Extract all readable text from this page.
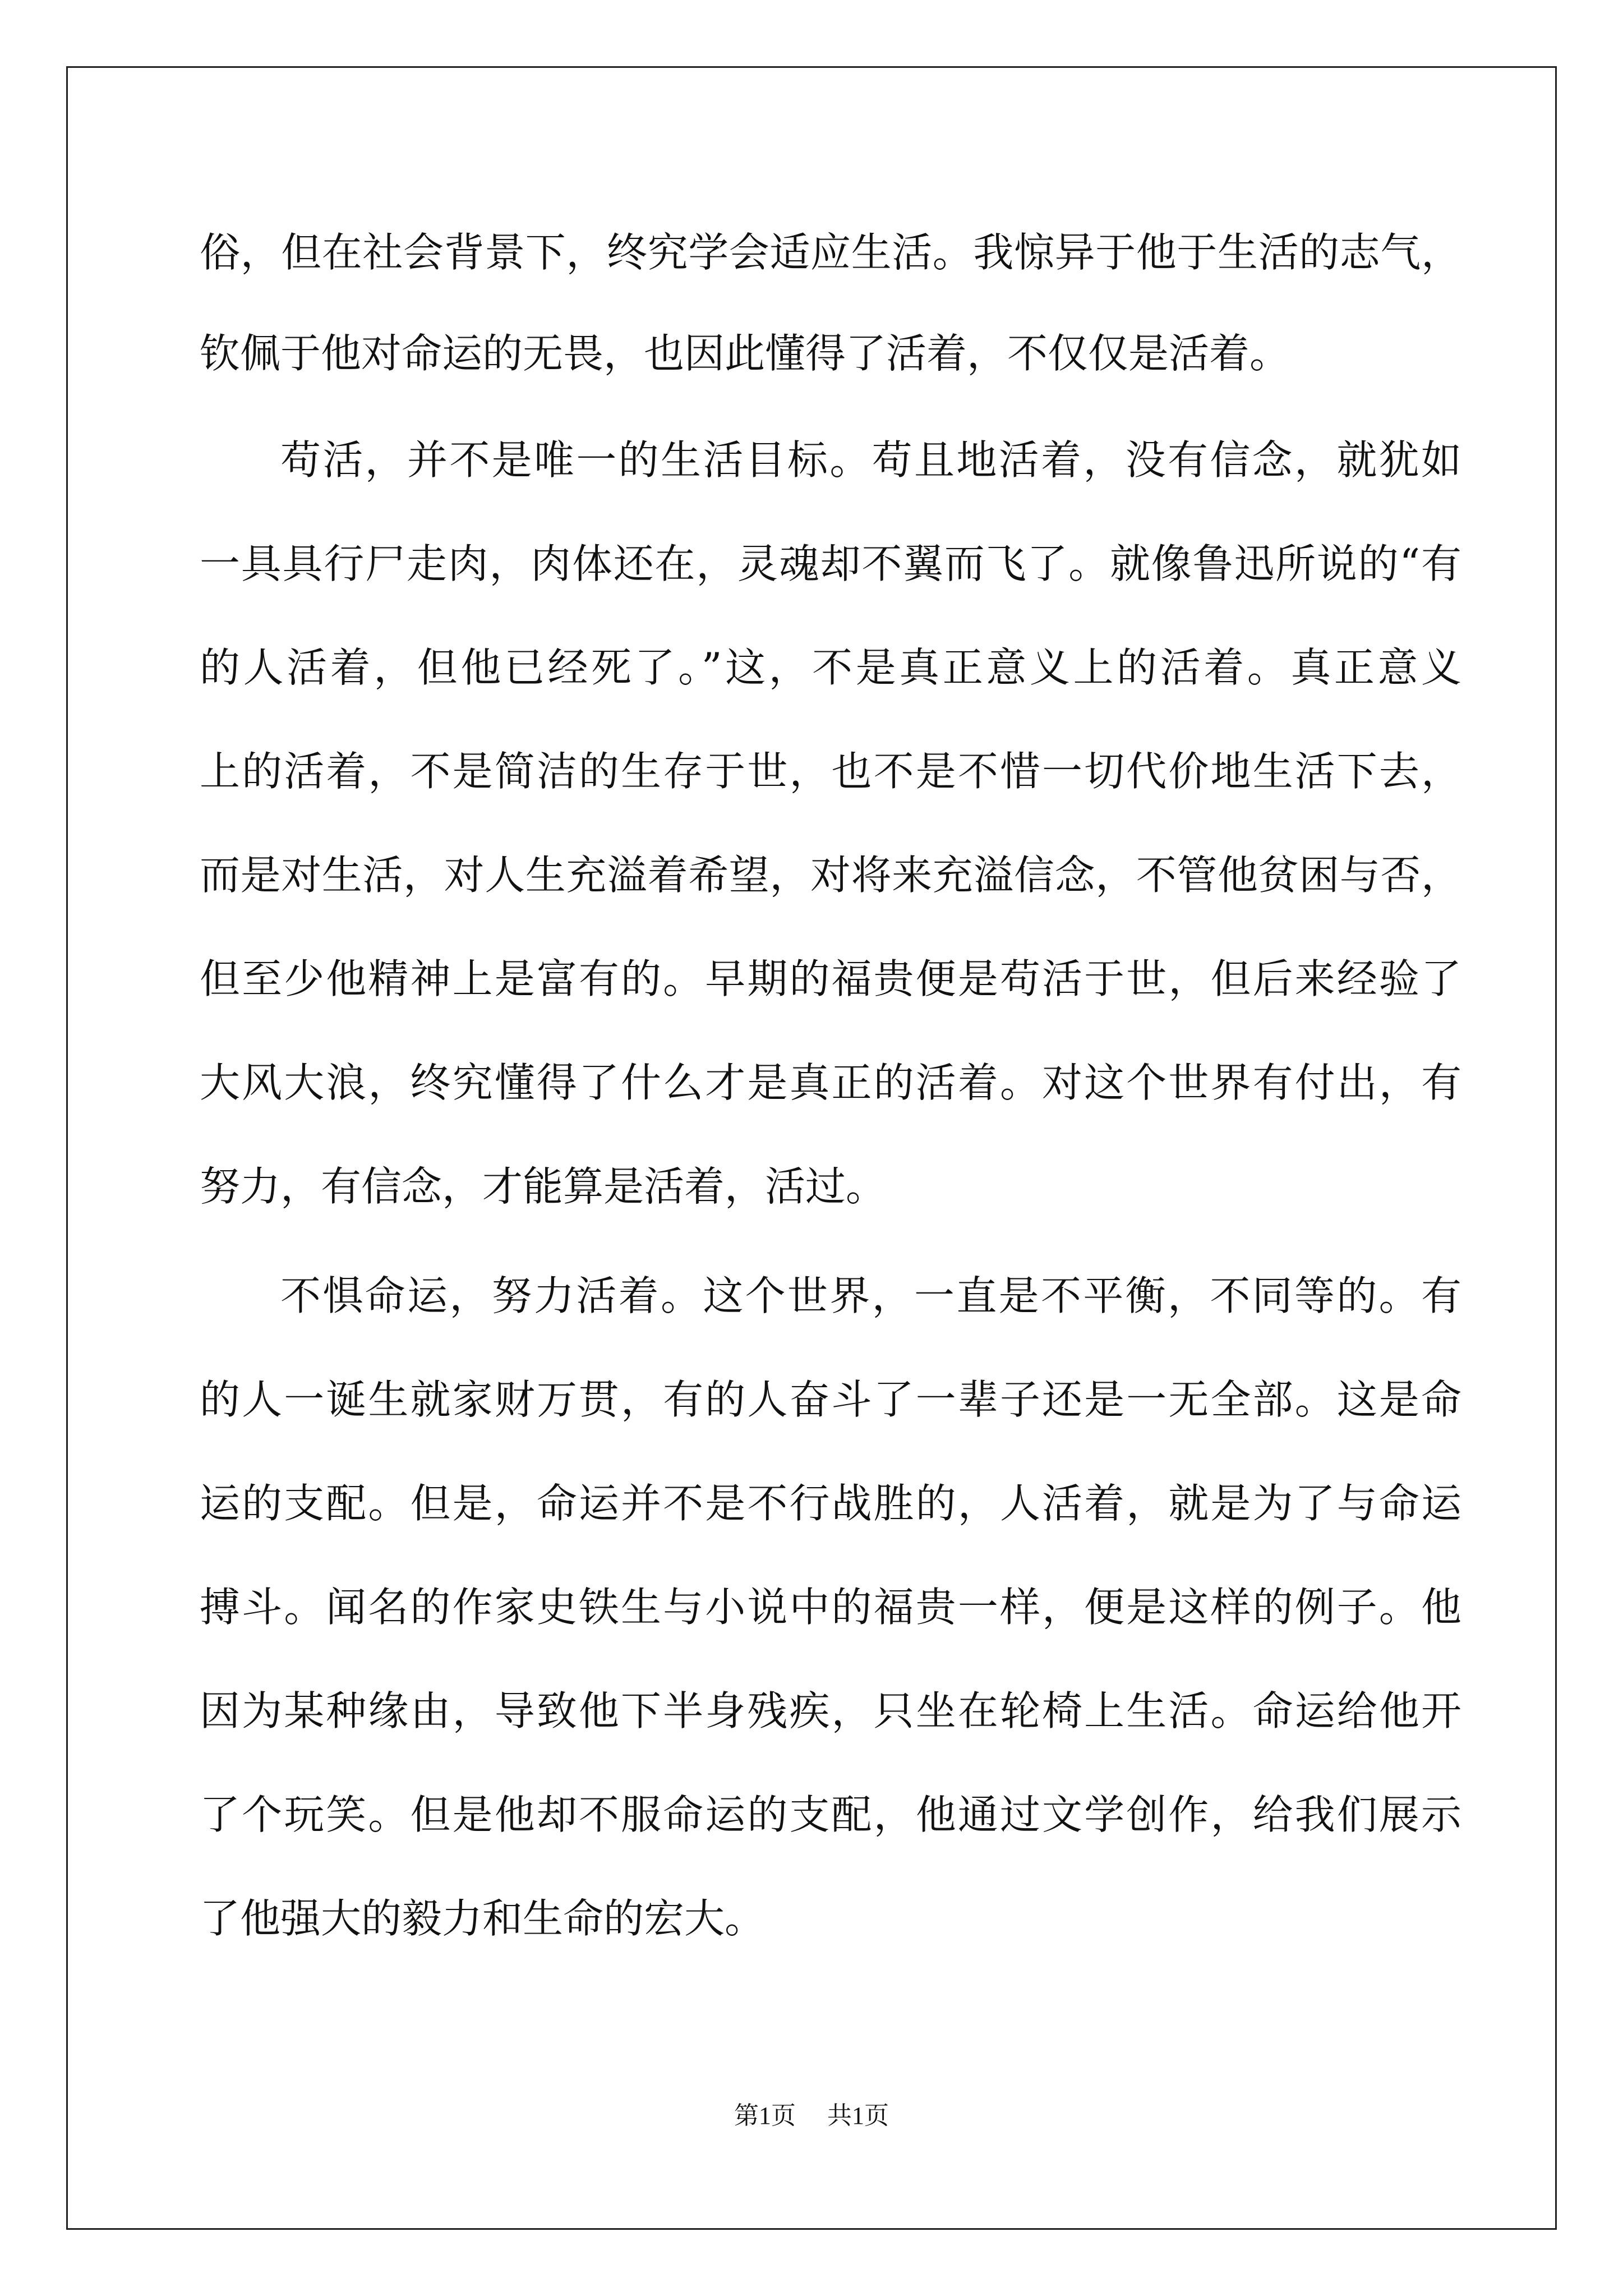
俗，但在社会背景下，终究学会适应生活。我惊异于他于生活的志气，
钦佩于他对命运的无畏，也因此懂得了活着，不仅仅是活着。
苟活，并不是唯一的生活目标。苟且地活着，没有信念，就犹如
一具具行尸走肉，肉体还在，灵魂却不翼而飞了。就像鲁迅所说的“有
的人活着，但他已经死了。”这，不是真正意义上的活着。真正意义
上的活着，不是简洁的生存于世，也不是不惜一切代价地生活下去，
而是对生活，对人生充溢着希望，对将来充溢信念，不管他贫困与否，
但至少他精神上是富有的。早期的福贵便是苟活于世，但后来经验了
大风大浪，终究懂得了什么才是真正的活着。对这个世界有付出，有
努力，有信念，才能算是活着，活过。
不惧命运，努力活着。这个世界，一直是不平衡，不同等的。有
的人一诞生就家财万贯，有的人奋斗了一辈子还是一无全部。这是命
运的支配。但是，命运并不是不行战胜的，人活着，就是为了与命运
搏斗。闻名的作家史铁生与小说中的福贵一样，便是这样的例子。他
因为某种缘由，导致他下半身残疾，只坐在轮椅上生活。命运给他开
了个玩笑。但是他却不服命运的支配，他通过文学创作，给我们展示
了他强大的毅力和生命的宏大。
第1页 共1页
